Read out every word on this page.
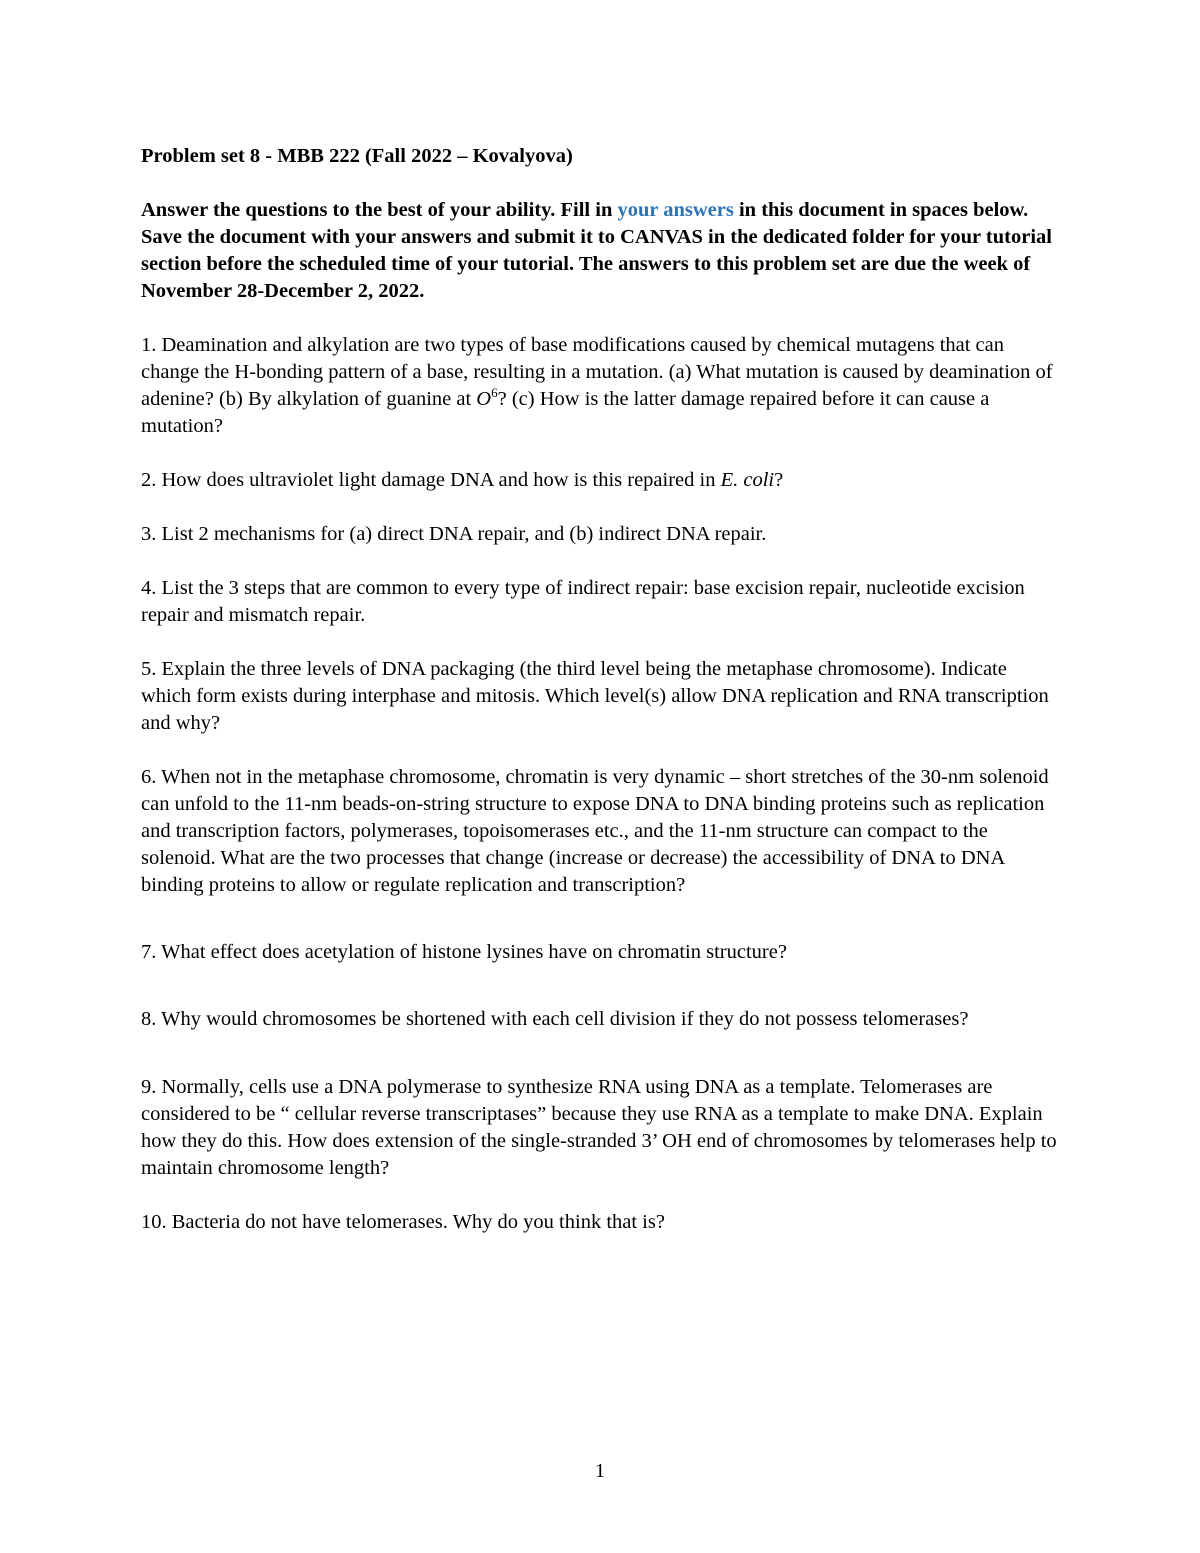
Problem set 8 - MBB 222 (Fall 2022 – Kovalyova)

Answer the questions to the best of your ability. Fill in your answers in this document in spaces below. Save the document with your answers and submit it to CANVAS in the dedicated folder for your tutorial section before the scheduled time of your tutorial. The answers to this problem set are due the week of November 28-December 2, 2022.

1. Deamination and alkylation are two types of base modifications caused by chemical mutagens that can change the H-bonding pattern of a base, resulting in a mutation. (a) What mutation is caused by deamination of adenine? (b) By alkylation of guanine at $O^6$? (c) How is the latter damage repaired before it can cause a mutation?

2. How does ultraviolet light damage DNA and how is this repaired in E. coli?

3. List 2 mechanisms for (a) direct DNA repair, and (b) indirect DNA repair.

4. List the 3 steps that are common to every type of indirect repair: base excision repair, nucleotide excision repair and mismatch repair.

5. Explain the three levels of DNA packaging (the third level being the metaphase chromosome). Indicate which form exists during interphase and mitosis. Which level(s) allow DNA replication and RNA transcription and why?

6. When not in the metaphase chromosome, chromatin is very dynamic – short stretches of the 30-nm solenoid can unfold to the 11-nm beads-on-string structure to expose DNA to DNA binding proteins such as replication and transcription factors, polymerases, topoisomerases etc., and the 11-nm structure can compact to the solenoid. What are the two processes that change (increase or decrease) the accessibility of DNA to DNA binding proteins to allow or regulate replication and transcription?

7. What effect does acetylation of histone lysines have on chromatin structure?

8. Why would chromosomes be shortened with each cell division if they do not possess telomerases?

9. Normally, cells use a DNA polymerase to synthesize RNA using DNA as a template. Telomerases are considered to be “ cellular reverse transcriptases” because they use RNA as a template to make DNA. Explain how they do this. How does extension of the single-stranded 3’ OH end of chromosomes by telomerases help to maintain chromosome length?

10. Bacteria do not have telomerases. Why do you think that is?

1
